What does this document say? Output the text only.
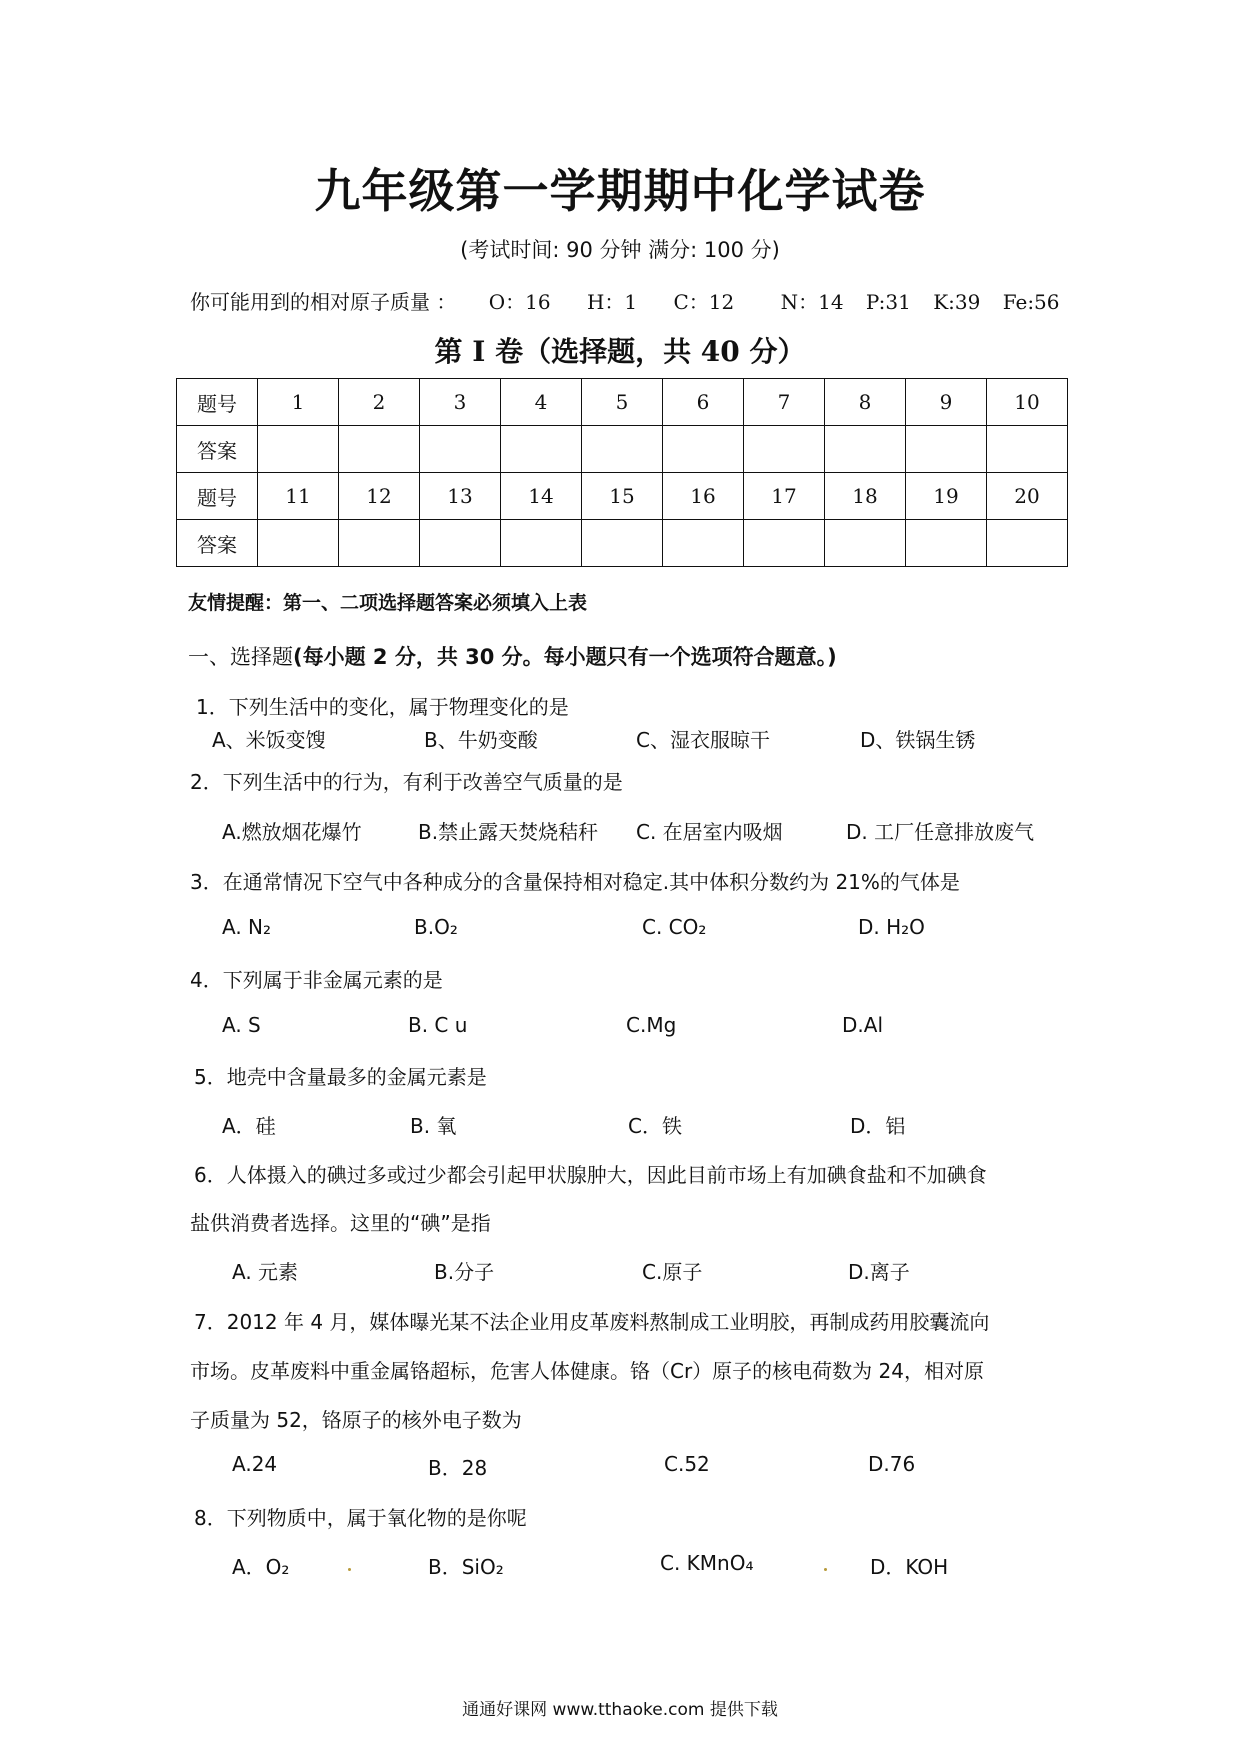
九年级第一学期期中化学试卷
(考试时间: 90 分钟 满分: 100 分)
你可能用到的相对原子质量 ： O：16 H：1 C：12 N：14 P:31 K:39 Fe:56
第 I 卷（选择题，共 40 分）
题号	1	2	3	4	5	6	7	8	9	10
答案										
题号	11	12	13	14	15	16	17	18	19	20
答案										
友情提醒：第一、二项选择题答案必须填入上表
一、选择题(每小题 2 分，共 30 分。每小题只有一个选项符合题意。)
1．下列生活中的变化，属于物理变化的是
A、米饭变馊	B、牛奶变酸	C、湿衣服晾干	D、铁锅生锈
2．下列生活中的行为，有利于改善空气质量的是
A.燃放烟花爆竹	B.禁止露天焚烧秸秆 C. 在居室内吸烟	D. 工厂任意排放废气
3．在通常情况下空气中各种成分的含量保持相对稳定.其中体积分数约为 21%的气体是
A. N₂	B.O₂	C. CO₂	D. H₂O
4．下列属于非金属元素的是
A. S	B. C u	C.Mg	D.Al
5．地壳中含量最多的金属元素是
A．硅	B. 氧	C．铁	D．铝
6．人体摄入的碘过多或过少都会引起甲状腺肿大，因此目前市场上有加碘食盐和不加碘食
盐供消费者选择。这里的“碘”是指
A. 元素	B.分子	C.原子	D.离子
7．2012 年 4 月，媒体曝光某不法企业用皮革废料熬制成工业明胶，再制成药用胶囊流向
市场。皮革废料中重金属铬超标，危害人体健康。铬（Cr）原子的核电荷数为 24，相对原
子质量为 52，铬原子的核外电子数为
A.24	B．28	C.52	D.76
8．下列物质中，属于氧化物的是你呢
A．O₂	B．SiO₂	C. KMnO₄	D．KOH
通通好课网 www.tthaoke.com 提供下载
